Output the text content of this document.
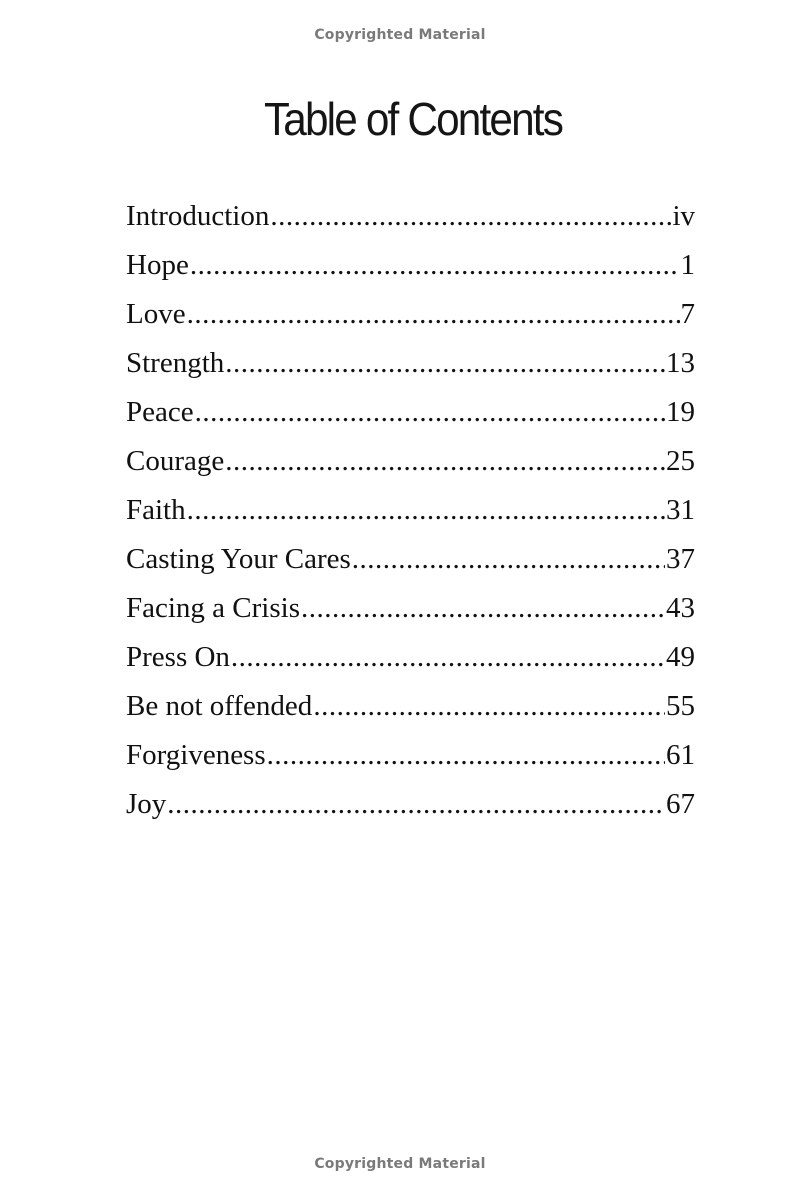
Copyrighted Material
Table of Contents
Introduction .....	iv
Hope .....	1
Love .....	7
Strength .....	13
Peace .....	19
Courage .....	25
Faith .....	31
Casting Your Cares .....	37
Facing a Crisis .....	43
Press On .....	49
Be not offended .....	55
Forgiveness .....	61
Joy .....	67
Copyrighted Material
